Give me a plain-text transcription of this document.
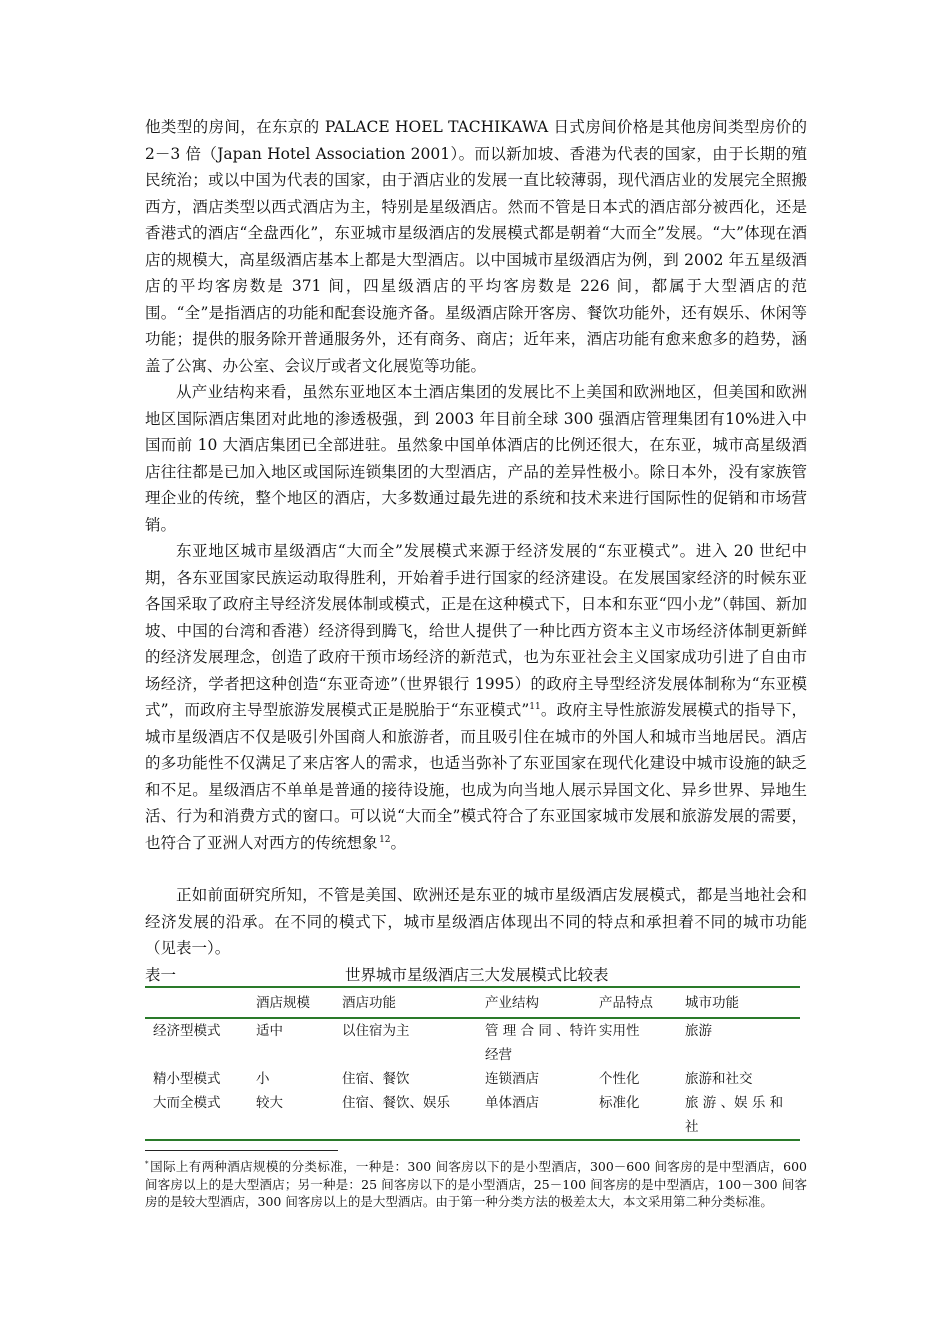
他类型的房间，在东京的 PALACE HOEL TACHIKAWA 日式房间价格是其他房间类型房价的 2－3 倍（Japan Hotel Association 2001）。而以新加坡、香港为代表的国家，由于长期的殖民统治；或以中国为代表的国家，由于酒店业的发展一直比较薄弱，现代酒店业的发展完全照搬西方，酒店类型以西式酒店为主，特别是星级酒店。然而不管是日本式的酒店部分被西化，还是香港式的酒店“全盘西化”，东亚城市星级酒店的发展模式都是朝着“大而全”发展。“大”体现在酒店的规模大，高星级酒店基本上都是大型酒店。以中国城市星级酒店为例，到 2002 年五星级酒店的平均客房数是 371 间，四星级酒店的平均客房数是 226 间，都属于大型酒店的范围。“全”是指酒店的功能和配套设施齐备。星级酒店除开客房、餐饮功能外，还有娱乐、休闲等功能；提供的服务除开普通服务外，还有商务、商店；近年来，酒店功能有愈来愈多的趋势，涵盖了公寓、办公室、会议厅或者文化展览等功能。

从产业结构来看，虽然东亚地区本土酒店集团的发展比不上美国和欧洲地区，但美国和欧洲地区国际酒店集团对此地的渗透极强，到 2003 年目前全球 300 强酒店管理集团有10%进入中国而前 10 大酒店集团已全部进驻。虽然象中国单体酒店的比例还很大，在东亚，城市高星级酒店往往都是已加入地区或国际连锁集团的大型酒店，产品的差异性极小。除日本外，没有家族管理企业的传统，整个地区的酒店，大多数通过最先进的系统和技术来进行国际性的促销和市场营销。

东亚地区城市星级酒店“大而全”发展模式来源于经济发展的“东亚模式”。进入 20 世纪中期，各东亚国家民族运动取得胜利，开始着手进行国家的经济建设。在发展国家经济的时候东亚各国采取了政府主导经济发展体制或模式，正是在这种模式下，日本和东亚“四小龙”（韩国、新加坡、中国的台湾和香港）经济得到腾飞，给世人提供了一种比西方资本主义市场经济体制更新鲜的经济发展理念，创造了政府干预市场经济的新范式，也为东亚社会主义国家成功引进了自由市场经济，学者把这种创造“东亚奇迹”（世界银行 1995）的政府主导型经济发展体制称为“东亚模式”，而政府主导型旅游发展模式正是脱胎于“东亚模式”$^{11}$。政府主导性旅游发展模式的指导下，城市星级酒店不仅是吸引外国商人和旅游者，而且吸引住在城市的外国人和城市当地居民。酒店的多功能性不仅满足了来店客人的需求，也适当弥补了东亚国家在现代化建设中城市设施的缺乏和不足。星级酒店不单单是普通的接待设施，也成为向当地人展示异国文化、异乡世界、异地生活、行为和消费方式的窗口。可以说“大而全”模式符合了东亚国家城市发展和旅游发展的需要，也符合了亚洲人对西方的传统想象  $^{12}$。

正如前面研究所知，不管是美国、欧洲还是东亚的城市星级酒店发展模式，都是当地社会和经济发展的沿承。在不同的模式下，城市星级酒店体现出不同的特点和承担着不同的城市功能（见表一）。

表一	世界城市星级酒店三大发展模式比较表
	酒店规模	酒店功能	产业结构	产品特点	城市功能

经济型模式	适中	以住宿为主	管 理 合 同 、特许经营	实用性	旅游
精小型模式	小	住宿、餐饮	连锁酒店	个性化	旅游和社交
大而全模式	较大	住宿、餐饮、娱乐	单体酒店	标准化	旅 游 、娱 乐 和 社

* 国际上有两种酒店规模的分类标准，一种是：300 间客房以下的是小型酒店，300－600 间客房的是中型酒店，600 间客房以上的是大型酒店；另一种是：25 间客房以下的是小型酒店，25－100 间客房的是中型酒店，100－300 间客房的是较大型酒店，300 间客房以上的是大型酒店。由于第一种分类方法的极差太大，本文采用第二种分类标准。
